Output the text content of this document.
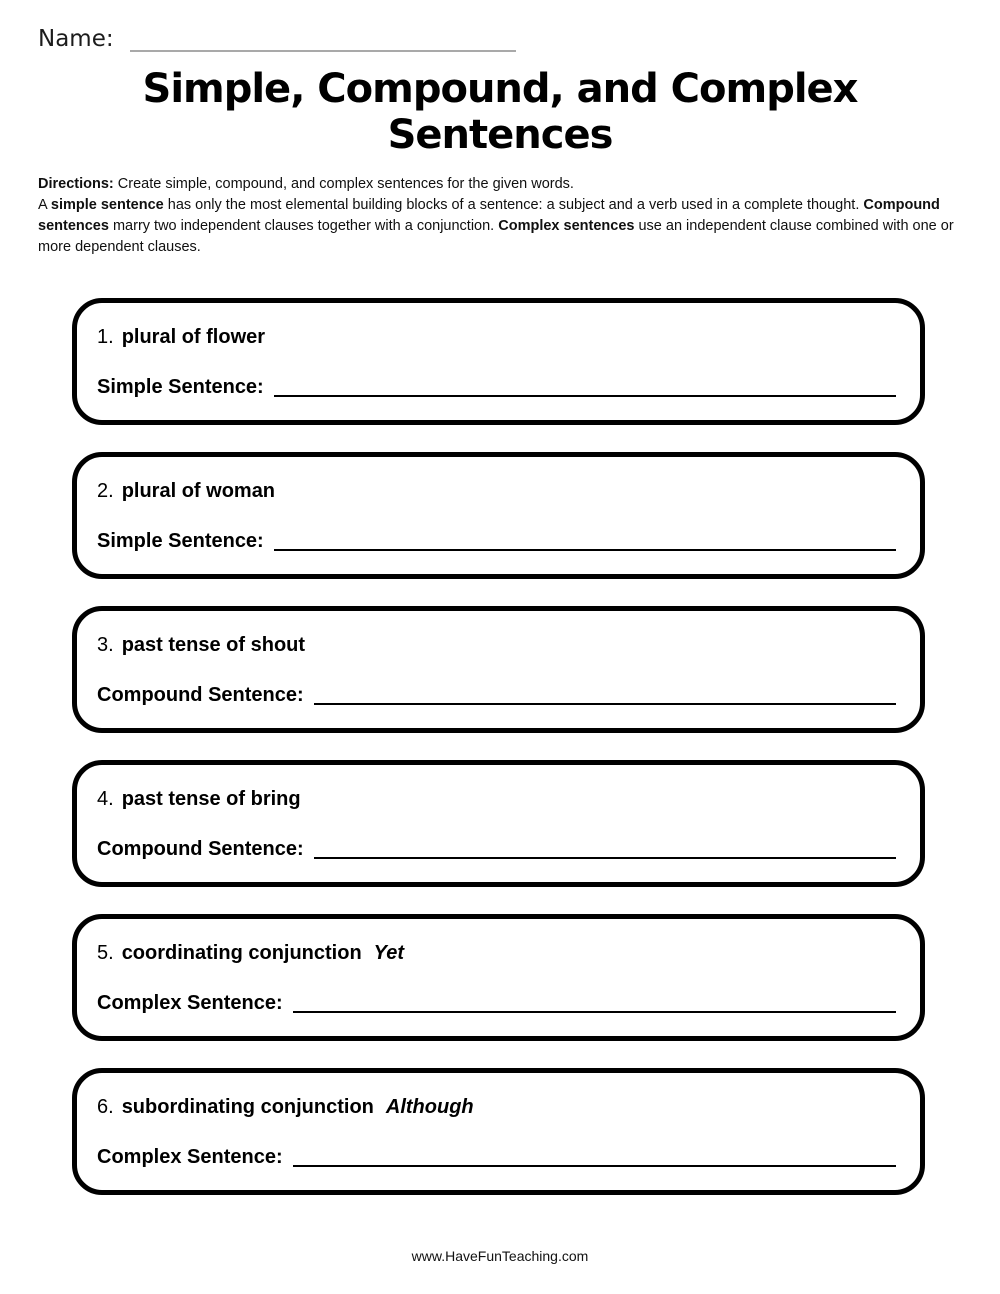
Name:
Simple, Compound, and Complex Sentences

Directions: Create simple, compound, and complex sentences for the given words.

A simple sentence has only the most elemental building blocks of a sentence: a subject and a verb used in a complete thought. Compound sentences marry two independent clauses together with a conjunction. Complex sentences use an independent clause combined with one or more dependent clauses.

1. plural of flower
Simple Sentence:
2. plural of woman
Simple Sentence:
3. past tense of shout
Compound Sentence:
4. past tense of bring
Compound Sentence:
5. coordinating conjunction Yet
Complex Sentence:
6. subordinating conjunction Although
Complex Sentence:
www.HaveFunTeaching.com
